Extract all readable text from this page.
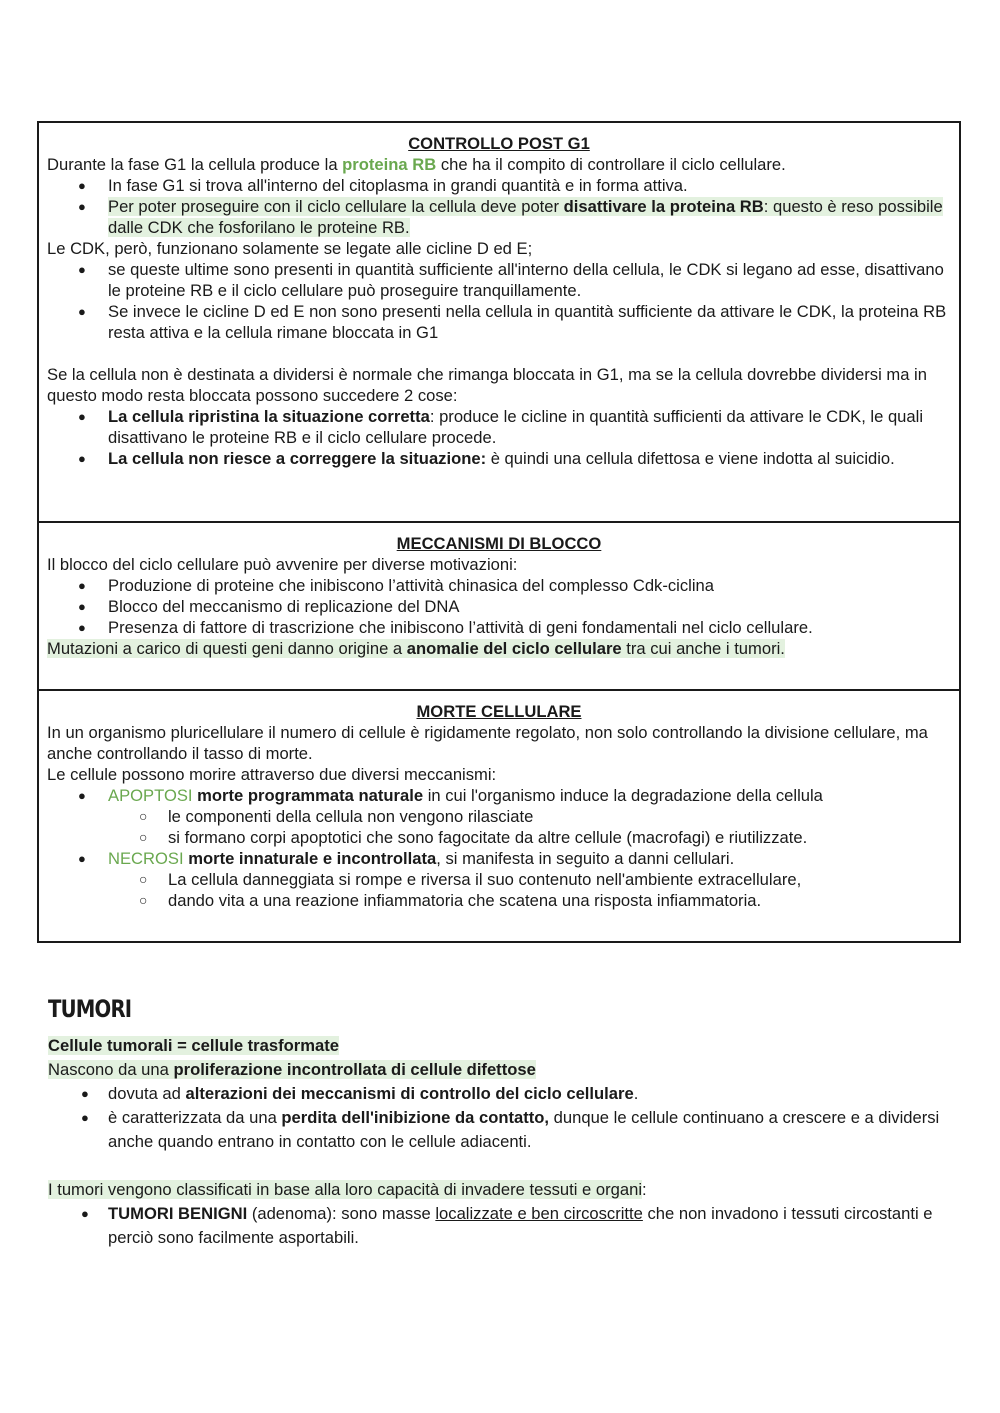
CONTROLLO POST G1
Durante la fase G1 la cellula produce la proteina RB che ha il compito di controllare il ciclo cellulare.
● In fase G1 si trova all'interno del citoplasma in grandi quantità e in forma attiva.
● Per poter proseguire con il ciclo cellulare la cellula deve poter disattivare la proteina RB: questo è reso possibile dalle CDK che fosforilano le proteine RB.
Le CDK, però, funzionano solamente se legate alle cicline D ed E;
● se queste ultime sono presenti in quantità sufficiente all'interno della cellula, le CDK si legano ad esse, disattivano le proteine RB e il ciclo cellulare può proseguire tranquillamente.
● Se invece le cicline D ed E non sono presenti nella cellula in quantità sufficiente da attivare le CDK, la proteina RB resta attiva e la cellula rimane bloccata in G1
Se la cellula non è destinata a dividersi è normale che rimanga bloccata in G1, ma se la cellula dovrebbe dividersi ma in questo modo resta bloccata possono succedere 2 cose:
● La cellula ripristina la situazione corretta: produce le cicline in quantità sufficienti da attivare le CDK, le quali disattivano le proteine RB e il ciclo cellulare procede.
● La cellula non riesce a correggere la situazione: è quindi una cellula difettosa e viene indotta al suicidio.

MECCANISMI DI BLOCCO
Il blocco del ciclo cellulare può avvenire per diverse motivazioni:
● Produzione di proteine che inibiscono l’attività chinasica del complesso Cdk-ciclina
● Blocco del meccanismo di replicazione del DNA
● Presenza di fattore di trascrizione che inibiscono l’attività di geni fondamentali nel ciclo cellulare.
Mutazioni a carico di questi geni danno origine a anomalie del ciclo cellulare tra cui anche i tumori.

MORTE CELLULARE
In un organismo pluricellulare il numero di cellule è rigidamente regolato, non solo controllando la divisione cellulare, ma anche controllando il tasso di morte.
Le cellule possono morire attraverso due diversi meccanismi:
● APOPTOSI morte programmata naturale in cui l'organismo induce la degradazione della cellula
○ le componenti della cellula non vengono rilasciate
○ si formano corpi apoptotici che sono fagocitate da altre cellule (macrofagi) e riutilizzate.
● NECROSI morte innaturale e incontrollata, si manifesta in seguito a danni cellulari.
○ La cellula danneggiata si rompe e riversa il suo contenuto nell'ambiente extracellulare,
○ dando vita a una reazione infiammatoria che scatena una risposta infiammatoria.
TUMORI
Cellule tumorali = cellule trasformate
Nascono da una proliferazione incontrollata di cellule difettose
● dovuta ad alterazioni dei meccanismi di controllo del ciclo cellulare.
● è caratterizzata da una perdita dell'inibizione da contatto, dunque le cellule continuano a crescere e a dividersi anche quando entrano in contatto con le cellule adiacenti.
I tumori vengono classificati in base alla loro capacità di invadere tessuti e organi:
● TUMORI BENIGNI (adenoma): sono masse localizzate e ben circoscritte che non invadono i tessuti circostanti e perciò sono facilmente asportabili.
